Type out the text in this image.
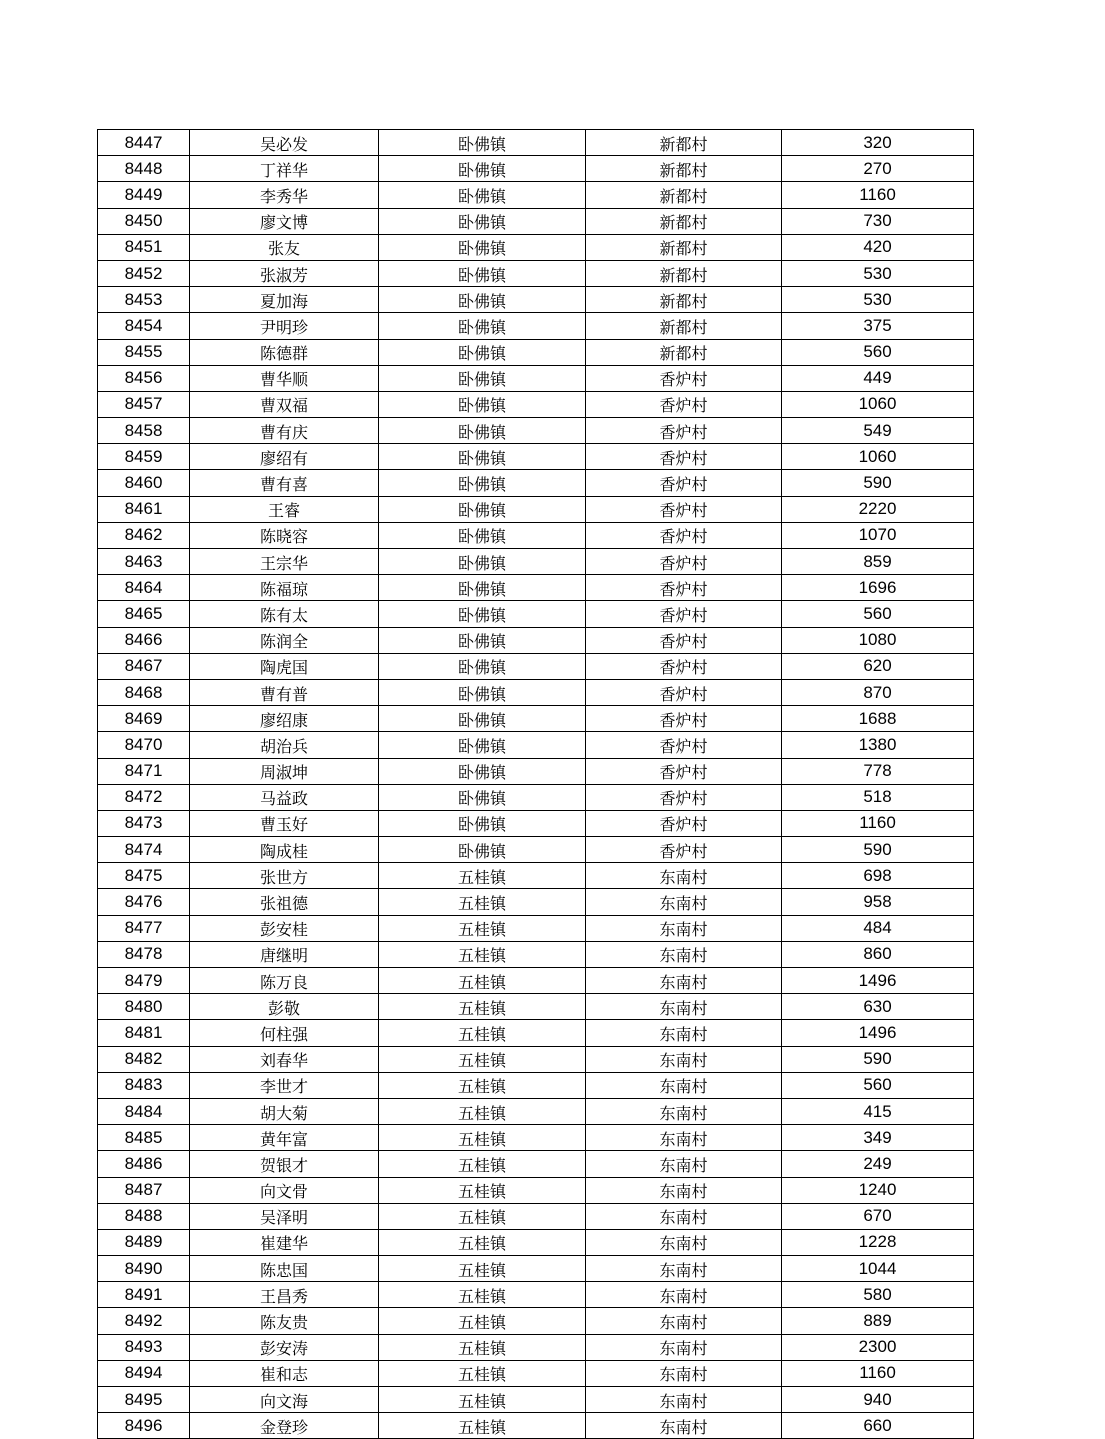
8447	吴必发	卧佛镇	新都村	320
8448	丁祥华	卧佛镇	新都村	270
8449	李秀华	卧佛镇	新都村	1160
8450	廖文博	卧佛镇	新都村	730
8451	张友	卧佛镇	新都村	420
8452	张淑芳	卧佛镇	新都村	530
8453	夏加海	卧佛镇	新都村	530
8454	尹明珍	卧佛镇	新都村	375
8455	陈德群	卧佛镇	新都村	560
8456	曹华顺	卧佛镇	香炉村	449
8457	曹双福	卧佛镇	香炉村	1060
8458	曹有庆	卧佛镇	香炉村	549
8459	廖绍有	卧佛镇	香炉村	1060
8460	曹有喜	卧佛镇	香炉村	590
8461	王睿	卧佛镇	香炉村	2220
8462	陈晓容	卧佛镇	香炉村	1070
8463	王宗华	卧佛镇	香炉村	859
8464	陈福琼	卧佛镇	香炉村	1696
8465	陈有太	卧佛镇	香炉村	560
8466	陈润全	卧佛镇	香炉村	1080
8467	陶虎国	卧佛镇	香炉村	620
8468	曹有普	卧佛镇	香炉村	870
8469	廖绍康	卧佛镇	香炉村	1688
8470	胡治兵	卧佛镇	香炉村	1380
8471	周淑坤	卧佛镇	香炉村	778
8472	马益政	卧佛镇	香炉村	518
8473	曹玉好	卧佛镇	香炉村	1160
8474	陶成桂	卧佛镇	香炉村	590
8475	张世方	五桂镇	东南村	698
8476	张祖德	五桂镇	东南村	958
8477	彭安桂	五桂镇	东南村	484
8478	唐继明	五桂镇	东南村	860
8479	陈万良	五桂镇	东南村	1496
8480	彭敬	五桂镇	东南村	630
8481	何柱强	五桂镇	东南村	1496
8482	刘春华	五桂镇	东南村	590
8483	李世才	五桂镇	东南村	560
8484	胡大菊	五桂镇	东南村	415
8485	黄年富	五桂镇	东南村	349
8486	贺银才	五桂镇	东南村	249
8487	向文骨	五桂镇	东南村	1240
8488	吴泽明	五桂镇	东南村	670
8489	崔建华	五桂镇	东南村	1228
8490	陈忠国	五桂镇	东南村	1044
8491	王昌秀	五桂镇	东南村	580
8492	陈友贵	五桂镇	东南村	889
8493	彭安涛	五桂镇	东南村	2300
8494	崔和志	五桂镇	东南村	1160
8495	向文海	五桂镇	东南村	940
8496	金登珍	五桂镇	东南村	660
